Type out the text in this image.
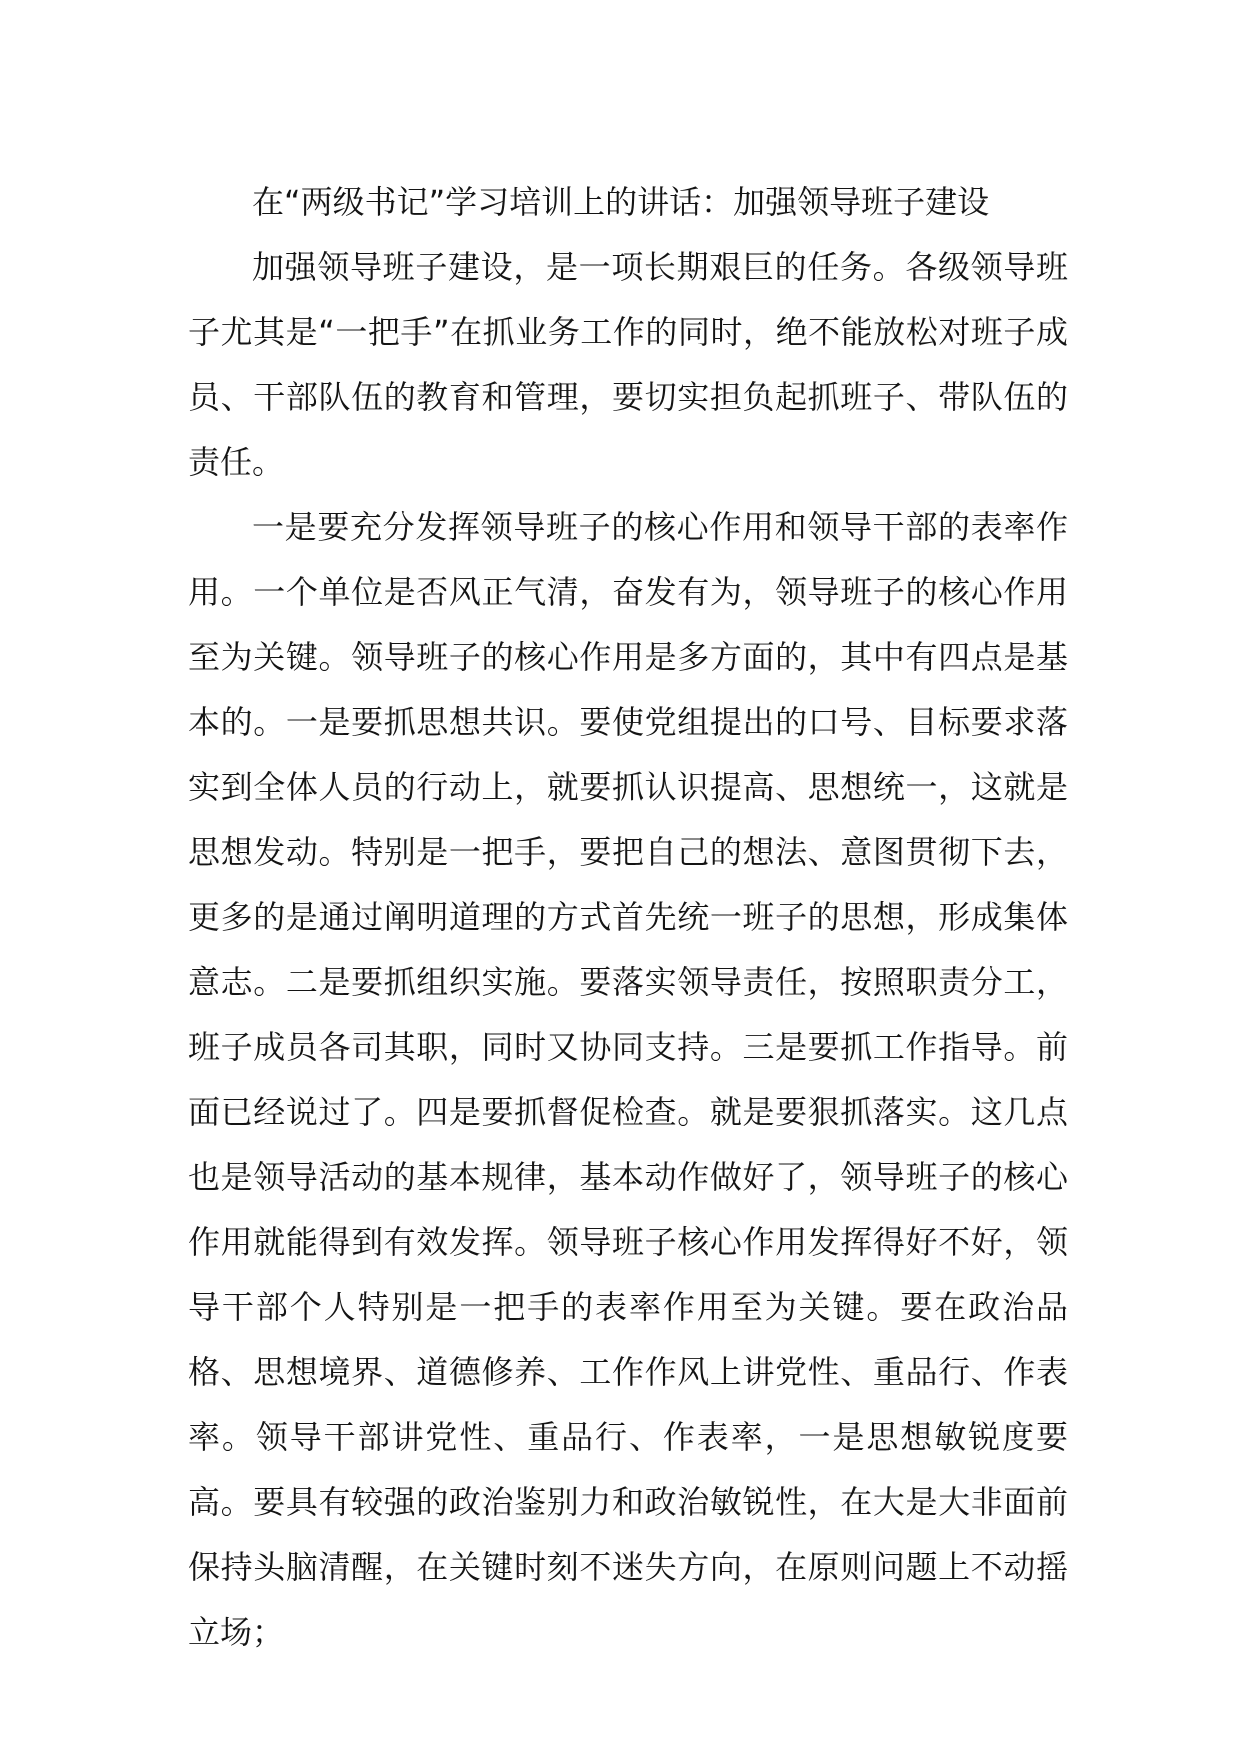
在“两级书记”学习培训上的讲话：加强领导班子建设

加强领导班子建设，是一项长期艰巨的任务。各级领导班子尤其是“一把手”在抓业务工作的同时，绝不能放松对班子成员、干部队伍的教育和管理，要切实担负起抓班子、带队伍的责任。

一是要充分发挥领导班子的核心作用和领导干部的表率作用。一个单位是否风正气清，奋发有为，领导班子的核心作用至为关键。领导班子的核心作用是多方面的，其中有四点是基本的。一是要抓思想共识。要使党组提出的口号、目标要求落实到全体人员的行动上，就要抓认识提高、思想统一，这就是思想发动。特别是一把手，要把自己的想法、意图贯彻下去，更多的是通过阐明道理的方式首先统一班子的思想，形成集体意志。二是要抓组织实施。要落实领导责任，按照职责分工，班子成员各司其职，同时又协同支持。三是要抓工作指导。前面已经说过了。四是要抓督促检查。就是要狠抓落实。这几点也是领导活动的基本规律，基本动作做好了，领导班子的核心作用就能得到有效发挥。领导班子核心作用发挥得好不好，领导干部个人特别是一把手的表率作用至为关键。要在政治品格、思想境界、道德修养、工作作风上讲党性、重品行、作表率。领导干部讲党性、重品行、作表率，一是思想敏锐度要高。要具有较强的政治鉴别力和政治敏锐性，在大是大非面前保持头脑清醒，在关键时刻不迷失方向，在原则问题上不动摇立场；
